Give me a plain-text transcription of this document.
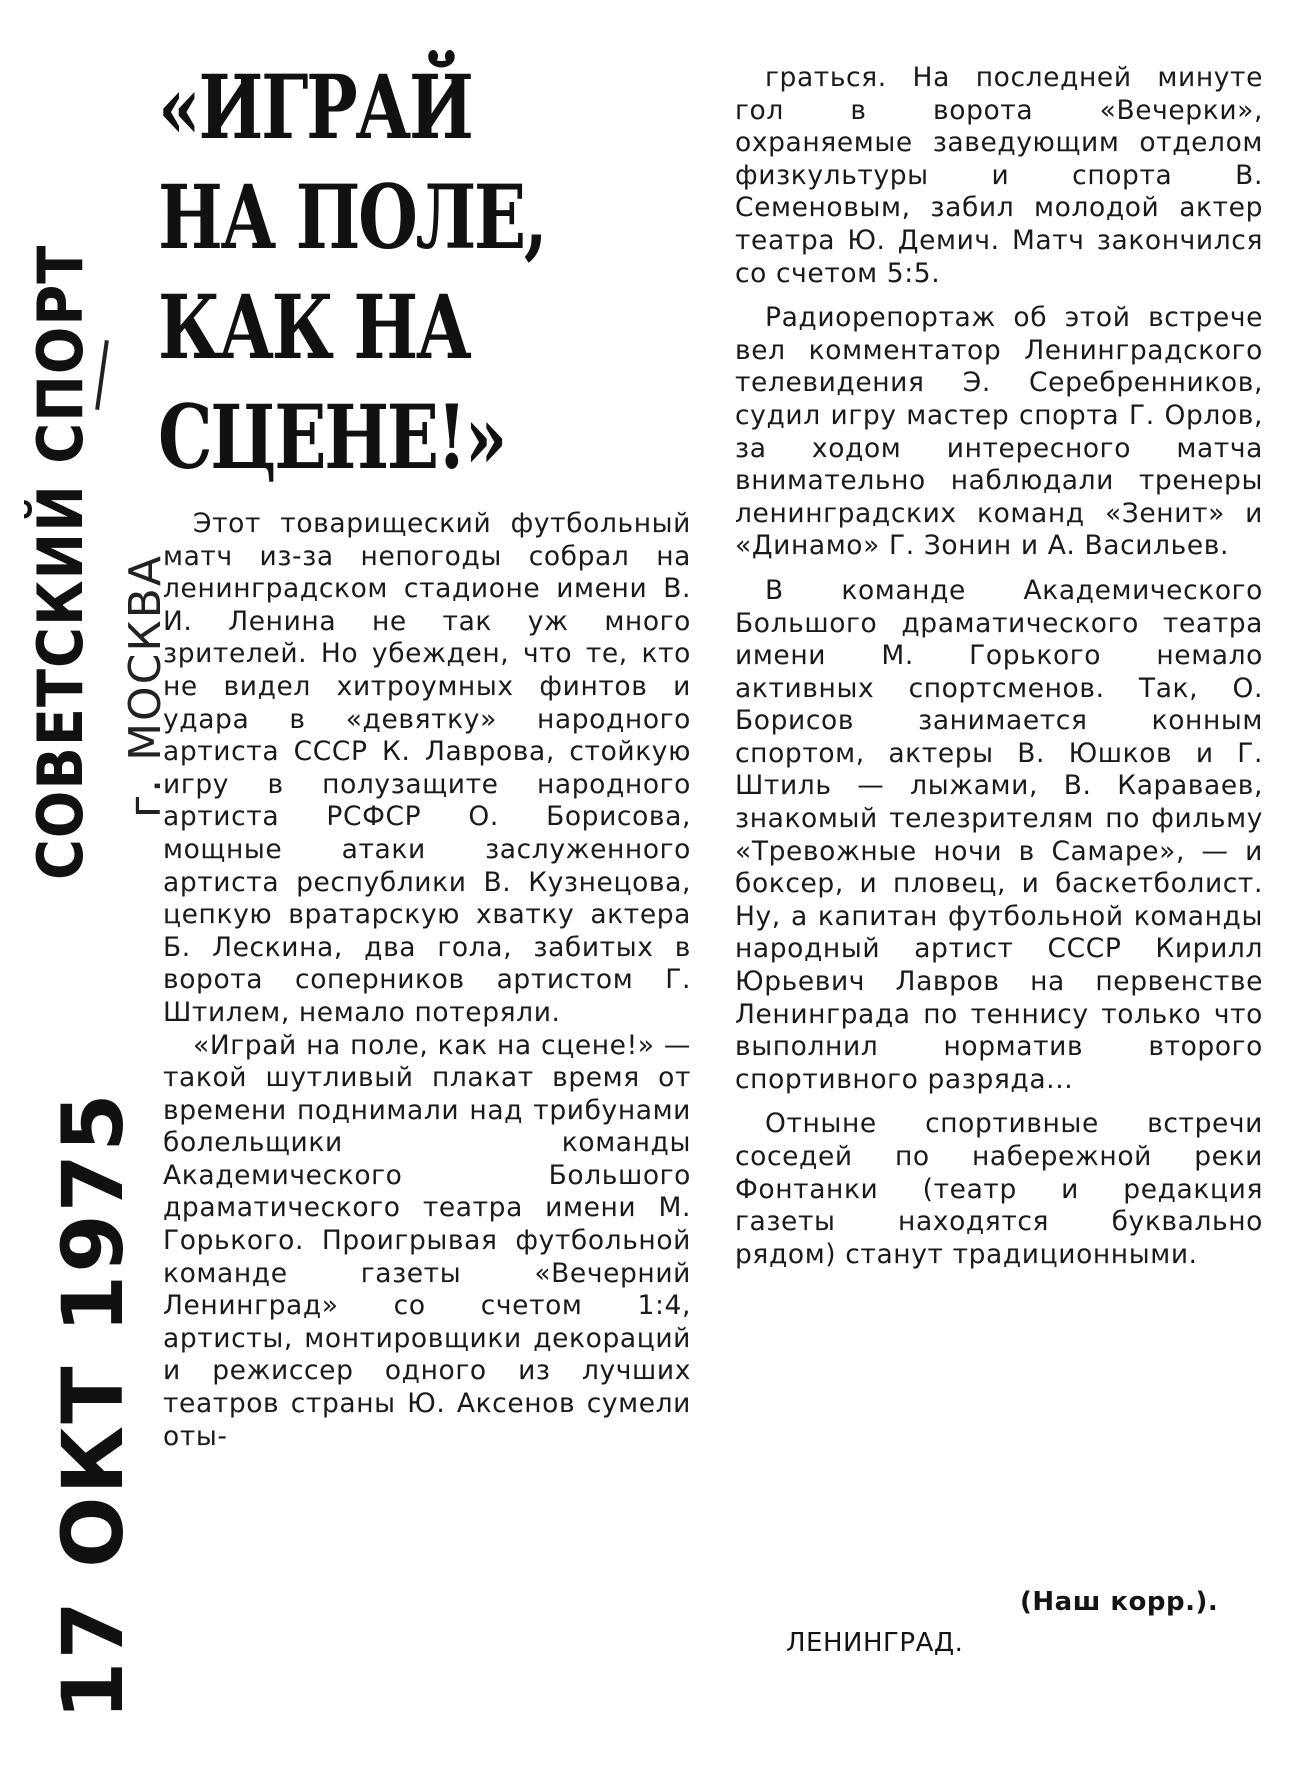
СОВЕТСКИЙ СПОРТ г. МОСКВА
17 ОКТ 1975
«ИГРАЙ
НА ПОЛЕ,
КАК НА
СЦЕНЕ!»

Этот товарищеский футбольный матч из-за непогоды собрал на ленинградском стадионе имени В. И. Ленина не так уж много зрителей. Но убежден, что те, кто не видел хитроумных финтов и удара в «девятку» народного артиста СССР К. Лаврова, стойкую игру в полузащите народного артиста РСФСР О. Борисова, мощные атаки заслуженного артиста республики В. Кузнецова, цепкую вратарскую хватку актера Б. Лескина, два гола, забитых в ворота соперников артистом Г. Штилем, немало потеряли.

«Играй на поле, как на сцене!» — такой шутливый плакат время от времени поднимали над трибунами болельщики команды Академического Большого драматического театра имени М. Горького. Проигрывая футбольной команде газеты «Вечерний Ленинград» со счетом 1:4, артисты, монтировщики декораций и режиссер одного из лучших театров страны Ю. Аксенов сумели оты-

граться. На последней минуте гол в ворота «Вечерки», охраняемые заведующим отделом физкультуры и спорта В. Семеновым, забил молодой актер театра Ю. Демич. Матч закончился со счетом 5:5.

Радиорепортаж об этой встрече вел комментатор Ленинградского телевидения Э. Серебренников, судил игру мастер спорта Г. Орлов, за ходом интересного матча внимательно наблюдали тренеры ленинградских команд «Зенит» и «Динамо» Г. Зонин и А. Васильев.

В команде Академического Большого драматического театра имени М. Горького немало активных спортсменов. Так, О. Борисов занимается конным спортом, актеры В. Юшков и Г. Штиль — лыжами, В. Караваев, знакомый телезрителям по фильму «Тревожные ночи в Самаре», — и боксер, и пловец, и баскетболист. Ну, а капитан футбольной команды народный артист СССР Кирилл Юрьевич Лавров на первенстве Ленинграда по теннису только что выполнил норматив второго спортивного разряда...

Отныне спортивные встречи соседей по набережной реки Фонтанки (театр и редакция газеты находятся буквально рядом) станут традиционными.

(Наш корр.).
ЛЕНИНГРАД.
